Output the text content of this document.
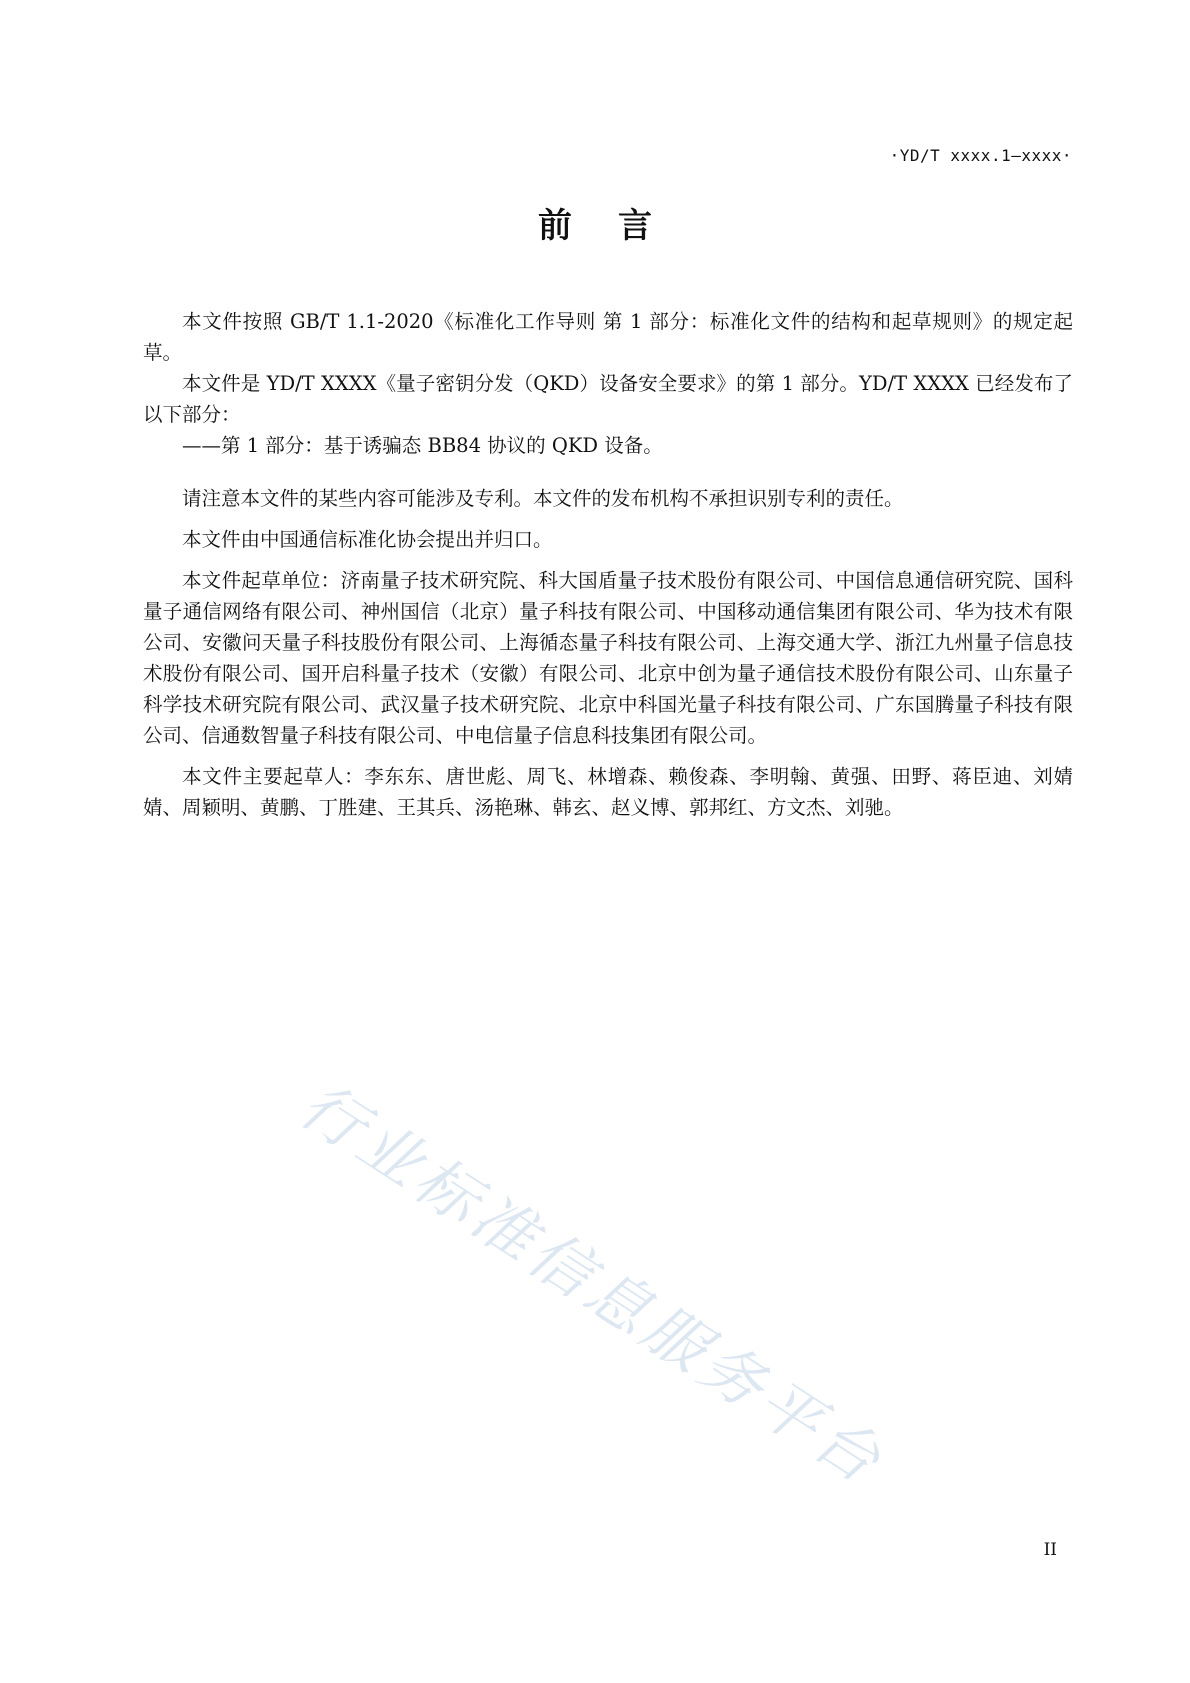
·YD/T xxxx.1—xxxx·
前言

本文件按照 GB/T 1.1-2020《标准化工作导则 第 1 部分：标准化文件的结构和起草规则》的规定起草。

本文件是 YD/T XXXX《量子密钥分发（QKD）设备安全要求》的第 1 部分。YD/T XXXX 已经发布了以下部分：

——第 1 部分：基于诱骗态 BB84 协议的 QKD 设备。

请注意本文件的某些内容可能涉及专利。本文件的发布机构不承担识别专利的责任。

本文件由中国通信标准化协会提出并归口。

本文件起草单位：济南量子技术研究院、科大国盾量子技术股份有限公司、中国信息通信研究院、国科量子通信网络有限公司、神州国信（北京）量子科技有限公司、中国移动通信集团有限公司、华为技术有限公司、安徽问天量子科技股份有限公司、上海循态量子科技有限公司、上海交通大学、浙江九州量子信息技术股份有限公司、国开启科量子技术（安徽）有限公司、北京中创为量子通信技术股份有限公司、山东量子科学技术研究院有限公司、武汉量子技术研究院、北京中科国光量子科技有限公司、广东国腾量子科技有限公司、信通数智量子科技有限公司、中电信量子信息科技集团有限公司。

本文件主要起草人：李东东、唐世彪、周飞、林增森、赖俊森、李明翰、黄强、田野、蒋臣迪、刘婧婧、周颖明、黄鹏、丁胜建、王其兵、汤艳琳、韩玄、赵义博、郭邦红、方文杰、刘驰。

行业标准信息服务平台
II
